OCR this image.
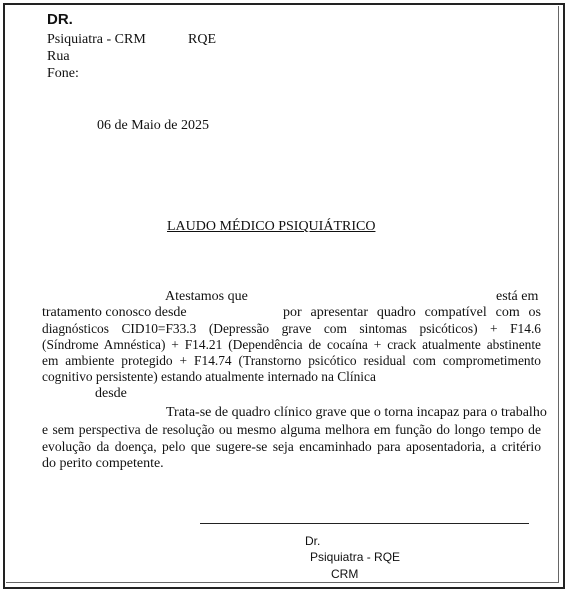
DR.
Psiquiatra - CRM	RQE
Rua
Fone:
06 de Maio de 2025
LAUDO MÉDICO PSIQUIÁTRICO
Atestamos que	está em
tratamento conosco desde	por apresentar quadro compatível com os
diagnósticos CID10=F33.3 (Depressão grave com sintomas psicóticos) + F14.6
(Síndrome Amnéstica) + F14.21 (Dependência de cocaína + crack atualmente abstinente
em ambiente protegido + F14.74 (Transtorno psicótico residual com comprometimento
cognitivo persistente) estando atualmente internado na Clínica
desde
Trata-se de quadro clínico grave que o torna incapaz para o trabalho
e sem perspectiva de resolução ou mesmo alguma melhora em função do longo tempo de
evolução da doença, pelo que sugere-se seja encaminhado para aposentadoria, a critério
do perito competente.
Dr.
Psiquiatra - RQE
CRM
